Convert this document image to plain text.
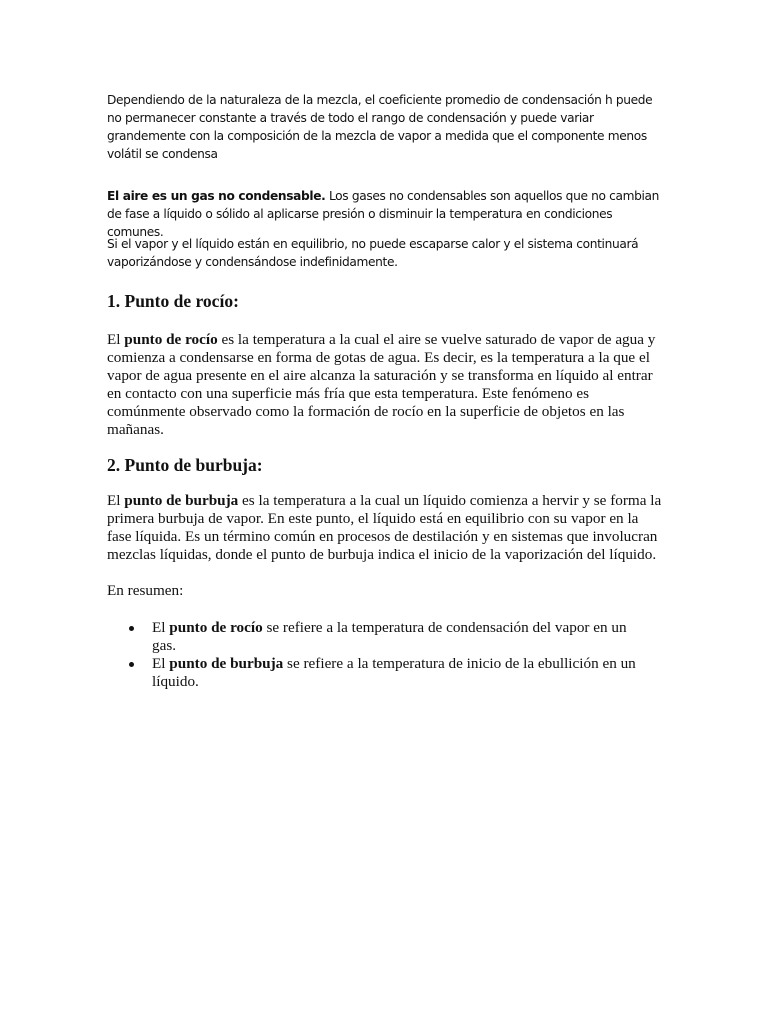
Dependiendo de la naturaleza de la mezcla, el coeficiente promedio de condensación h puede no permanecer constante a través de todo el rango de condensación y puede variar grandemente con la composición de la mezcla de vapor a medida que el componente menos volátil se condensa

El aire es un gas no condensable. Los gases no condensables son aquellos que no cambian de fase a líquido o sólido al aplicarse presión o disminuir la temperatura en condiciones comunes.

Si el vapor y el líquido están en equilibrio, no puede escaparse calor y el sistema continuará vaporizándose y condensándose indefinidamente.

1. Punto de rocío:

El punto de rocío es la temperatura a la cual el aire se vuelve saturado de vapor de agua y comienza a condensarse en forma de gotas de agua. Es decir, es la temperatura a la que el vapor de agua presente en el aire alcanza la saturación y se transforma en líquido al entrar en contacto con una superficie más fría que esta temperatura. Este fenómeno es comúnmente observado como la formación de rocío en la superficie de objetos en las mañanas.

2. Punto de burbuja:

El punto de burbuja es la temperatura a la cual un líquido comienza a hervir y se forma la primera burbuja de vapor. En este punto, el líquido está en equilibrio con su vapor en la fase líquida. Es un término común en procesos de destilación y en sistemas que involucran mezclas líquidas, donde el punto de burbuja indica el inicio de la vaporización del líquido.

En resumen:

El punto de rocío se refiere a la temperatura de condensación del vapor en un gas.
El punto de burbuja se refiere a la temperatura de inicio de la ebullición en un líquido.
